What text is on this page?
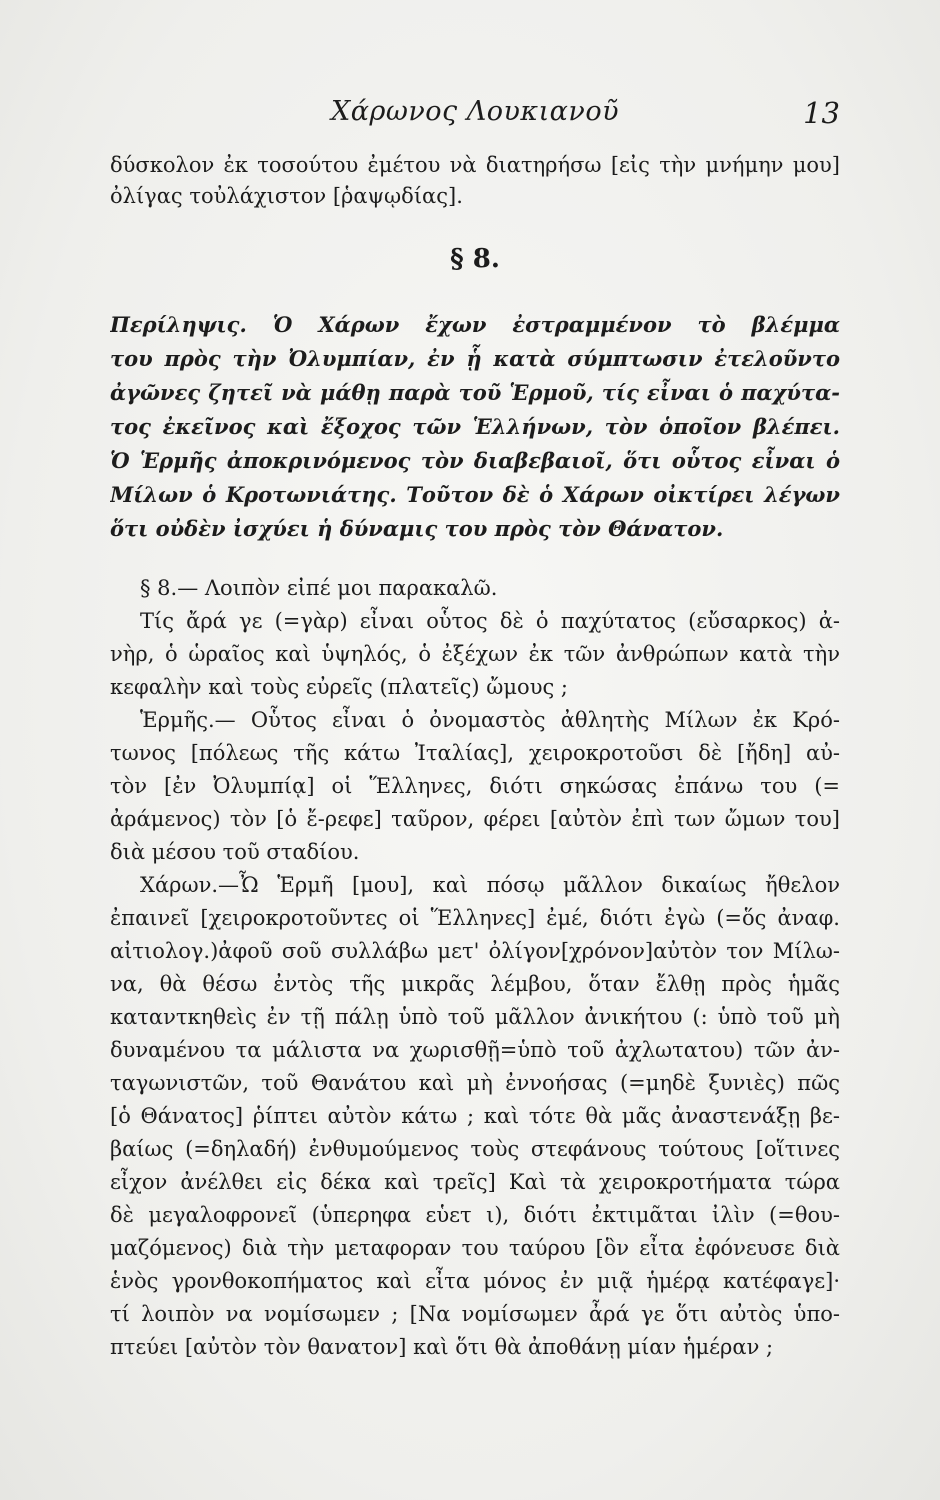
Χάρωνος Λουκιανοῦ	13
δύσκολον ἐκ τοσούτου ἐμέτου νὰ διατηρήσω [εἰς τὴν μνήμην μου]
ὀλίγας τοὐλάχιστον [ῥαψῳδίας].
§ 8.
Περίληψις. Ὁ Χάρων ἔχων ἐστραμμένον τὸ βλέμμα
του πρὸς τὴν Ὀλυμπίαν, ἐν ᾗ κατὰ σύμπτωσιν ἐτελοῦντο
ἀγῶνες ζητεῖ νὰ μάθῃ παρὰ τοῦ Ἑρμοῦ, τίς εἶναι ὁ παχύτα-
τος ἐκεῖνος καὶ ἔξοχος τῶν Ἑλλήνων, τὸν ὁποῖον βλέπει.
Ὁ Ἑρμῆς ἀποκρινόμενος τὸν διαβεβαιοῖ, ὅτι οὗτος εἶναι ὁ
Μίλων ὁ Κροτωνιάτης. Τοῦτον δὲ ὁ Χάρων οἰκτίρει λέγων
ὅτι οὐδὲν ἰσχύει ἡ δύναμις του πρὸς τὸν Θάνατον.
§ 8.— Λοιπὸν εἰπέ μοι παρακαλῶ.
Τίς ἄρά γε (=γὰρ) εἶναι οὗτος δὲ ὁ παχύτατος (εὔσαρκος) ἀ-
νὴρ, ὁ ὡραῖος καὶ ὑψηλός, ὁ ἐξέχων ἐκ τῶν ἀνθρώπων κατὰ τὴν
κεφαλὴν καὶ τοὺς εὐρεῖς (πλατεῖς) ὤμους ;
Ἑρμῆς.— Οὗτος εἶναι ὁ ὀνομαστὸς ἀθλητὴς Μίλων ἐκ Κρό-
τωνος [πόλεως τῆς κάτω Ἰταλίας], χειροκροτοῦσι δὲ [ἤδη] αὐ-
τὸν [ἐν Ὀλυμπίᾳ] οἱ Ἕλληνες, διότι σηκώσας ἐπάνω του (=
ἀράμενος) τὸν [ὁ ἔ-ρεφε] ταῦρον, φέρει [αὐτὸν ἐπὶ των ὤμων του]
διὰ μέσου τοῦ σταδίου.
Χάρων.—Ὦ Ἑρμῆ [μου], καὶ πόσῳ μᾶλλον δικαίως ἤθελον
ἐπαινεῖ [χειροκροτοῦντες οἱ Ἕλληνες] ἐμέ, διότι ἐγὼ (=ὅς ἀναφ.
αἰτιολογ.)ἀφοῦ σοῦ συλλάβω μετ' ὀλίγον[χρόνον]αὐτὸν τον Μίλω-
να, θὰ θέσω ἐντὸς τῆς μικρᾶς λέμβου, ὅταν ἔλθῃ πρὸς ἡμᾶς
καταντκηθεὶς ἐν τῇ πάλῃ ὑπὸ τοῦ μᾶλλον ἀνικήτου (: ὑπὸ τοῦ μὴ
δυναμένου τα μάλιστα να χωρισθῇ=ὑπὸ τοῦ ἀχλωτατου) τῶν ἀν-
ταγωνιστῶν, τοῦ Θανάτου καὶ μὴ ἐννοήσας (=μηδὲ ξυνιὲς) πῶς
[ὁ Θάνατος] ῥίπτει αὐτὸν κάτω ; καὶ τότε θὰ μᾶς ἀναστενάξῃ βε-
βαίως (=δηλαδή) ἐνθυμούμενος τοὺς στεφάνους τούτους [οἵτινες
εἶχον ἀνέλθει εἰς δέκα καὶ τρεῖς] Καὶ τὰ χειροκροτήματα τώρα
δὲ μεγαλοφρονεῖ (ὑπερηφα εὑετ ι), διότι ἐκτιμᾶται ἰλὶν (=θου-
μαζόμενος) διὰ τὴν μεταφοραν του ταύρου [ὃν εἶτα ἐφόνευσε διὰ
ἑνὸς γρονθοκοπήματος καὶ εἶτα μόνος ἐν μιᾷ ἡμέρᾳ κατέφαγε]·
τί λοιπὸν να νομίσωμεν ; [Να νομίσωμεν ἆρά γε ὅτι αὐτὸς ὑπο-
πτεύει [αὐτὸν τὸν θανατον] καὶ ὅτι θὰ ἀποθάνῃ μίαν ἡμέραν ;
